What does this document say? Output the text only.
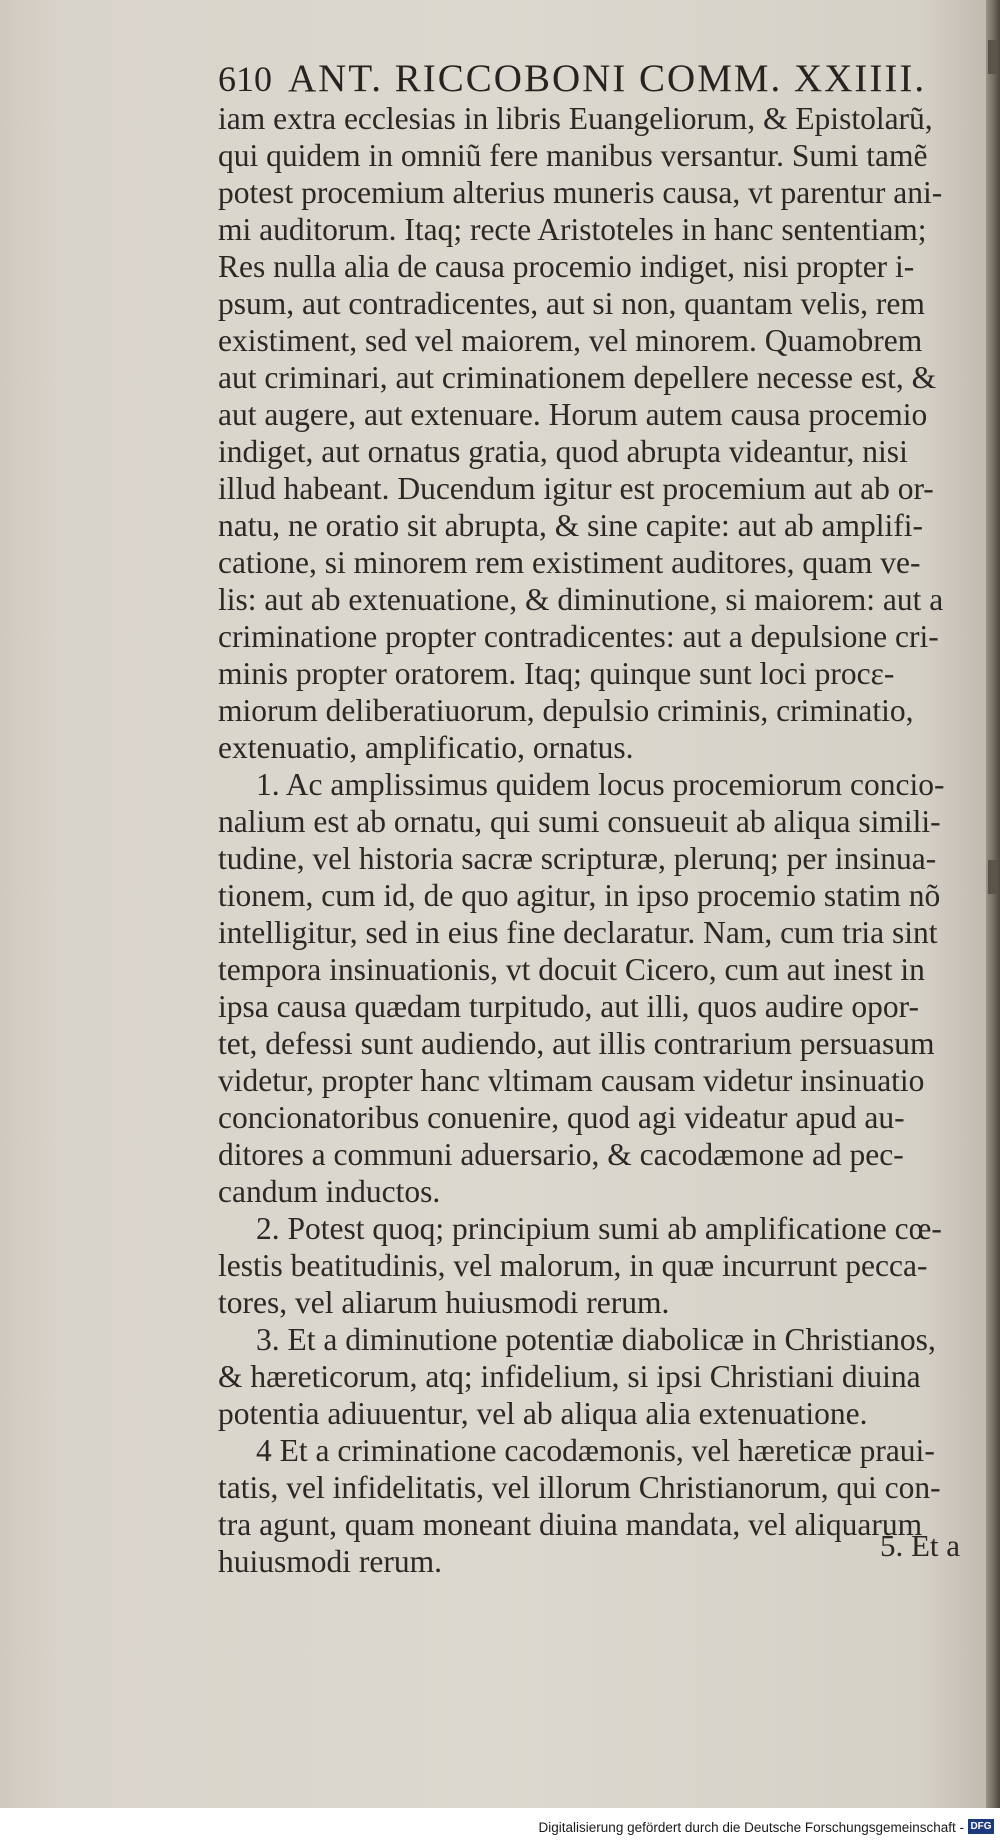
610 ANT. RICCOBONI COMM. XXIIII.
iam extra ecclesias in libris Euangeliorum, & Epistolarũ,
qui quidem in omniũ fere manibus versantur. Sumi tamẽ
potest procemium alterius muneris causa, vt parentur ani-
mi auditorum. Itaq; recte Aristoteles in hanc sententiam;
Res nulla alia de causa procemio indiget, nisi propter i-
psum, aut contradicentes, aut si non, quantam velis, rem
existiment, sed vel maiorem, vel minorem. Quamobrem
aut criminari, aut criminationem depellere necesse est, &
aut augere, aut extenuare. Horum autem causa procemio
indiget, aut ornatus gratia, quod abrupta videantur, nisi
illud habeant. Ducendum igitur est procemium aut ab or-
natu, ne oratio sit abrupta, & sine capite: aut ab amplifi-
catione, si minorem rem existiment auditores, quam ve-
lis: aut ab extenuatione, & diminutione, si maiorem: aut a
criminatione propter contradicentes: aut a depulsione cri-
minis propter oratorem. Itaq; quinque sunt loci procε-
miorum deliberatiuorum, depulsio criminis, criminatio,
extenuatio, amplificatio, ornatus.
1. Ac amplissimus quidem locus procemiorum concio-
nalium est ab ornatu, qui sumi consueuit ab aliqua simili-
tudine, vel historia sacræ scripturæ, plerunq; per insinua-
tionem, cum id, de quo agitur, in ipso procemio statim nõ
intelligitur, sed in eius fine declaratur. Nam, cum tria sint
tempora insinuationis, vt docuit Cicero, cum aut inest in
ipsa causa quædam turpitudo, aut illi, quos audire opor-
tet, defessi sunt audiendo, aut illis contrarium persuasum
videtur, propter hanc vltimam causam videtur insinuatio
concionatoribus conuenire, quod agi videatur apud au-
ditores a communi aduersario, & cacodæmone ad pec-
candum inductos.
2. Potest quoq; principium sumi ab amplificatione cœ-
lestis beatitudinis, vel malorum, in quæ incurrunt pecca-
tores, vel aliarum huiusmodi rerum.
3. Et a diminutione potentiæ diabolicæ in Christianos,
& hæreticorum, atq; infidelium, si ipsi Christiani diuina
potentia adiuuentur, vel ab aliqua alia extenuatione.
4 Et a criminatione cacodæmonis, vel hæreticæ praui-
tatis, vel infidelitatis, vel illorum Christianorum, qui con-
tra agunt, quam moneant diuina mandata, vel aliquarum
huiusmodi rerum.	5. Et a
Digitalisierung gefördert durch die Deutsche Forschungsgemeinschaft - DFG
